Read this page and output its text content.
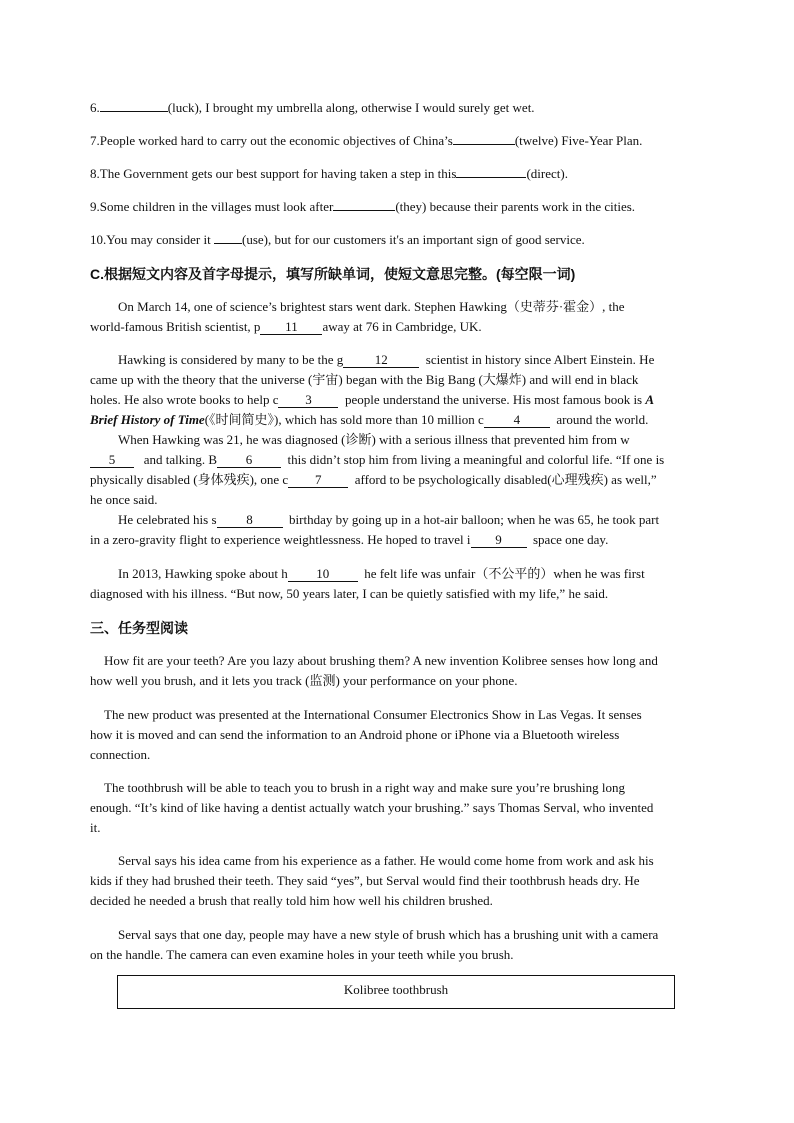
6.	(luck), I brought my umbrella along, otherwise I would surely get wet.
7.People worked hard to carry out the economic objectives of China’s	(twelve) Five-Year Plan.
8.The Government gets our best support for having taken a step in this	(direct).
9.Some children in the villages must look after	(they) because their parents work in the cities.
10.You may consider it (use), but for our customers it's an important sign of good service.
C.根据短文内容及首字母提示，填写所缺单词，使短文意思完整。(每空限一词)
On March 14, one of science’s brightest stars went dark. Stephen Hawking（史蒂芬·霍金）, the
world-famous British scientist, p 11 away at 76 in Cambridge, UK.
Hawking is considered by many to be the g 12	scientist in history since Albert Einstein. He
came up with the theory that the universe (宇宙) began with the Big Bang (大爆炸) and will end in black
holes. He also wrote books to help c 3	people understand the universe. His most famous book is A
Brief History of Time(《时间简史》), which has sold more than 10 million c 4	around the world.
When Hawking was 21, he was diagnosed (诊断) with a serious illness that prevented him from w
5 and talking. B 6	this didn’t stop him from living a meaningful and colorful life. “If one is
physically disabled (身体残疾), one c 7	afford to be psychologically disabled(心理残疾) as well,”
he once said.
He celebrated his s 8	birthday by going up in a hot-air balloon; when he was 65, he took part
in a zero-gravity flight to experience weightlessness. He hoped to travel i 9 space one day.
In 2013, Hawking spoke about h 10	he felt life was unfair（不公平的）when he was first
diagnosed with his illness. “But now, 50 years later, I can be quietly satisfied with my life,” he said.
三、任务型阅读
How fit are your teeth? Are you lazy about brushing them? A new invention Kolibree senses how long and
how well you brush, and it lets you track (监测) your performance on your phone.
The new product was presented at the International Consumer Electronics Show in Las Vegas. It senses
how it is moved and can send the information to an Android phone or iPhone via a Bluetooth wireless
connection.
The toothbrush will be able to teach you to brush in a right way and make sure you’re brushing long
enough. “It’s kind of like having a dentist actually watch your brushing.” says Thomas Serval, who invented
it.
Serval says his idea came from his experience as a father. He would come home from work and ask his
kids if they had brushed their teeth. They said “yes”, but Serval would find their toothbrush heads dry. He
decided he needed a brush that really told him how well his children brushed.
Serval says that one day, people may have a new style of brush which has a brushing unit with a camera
on the handle. The camera can even examine holes in your teeth while you brush.
Kolibree toothbrush
